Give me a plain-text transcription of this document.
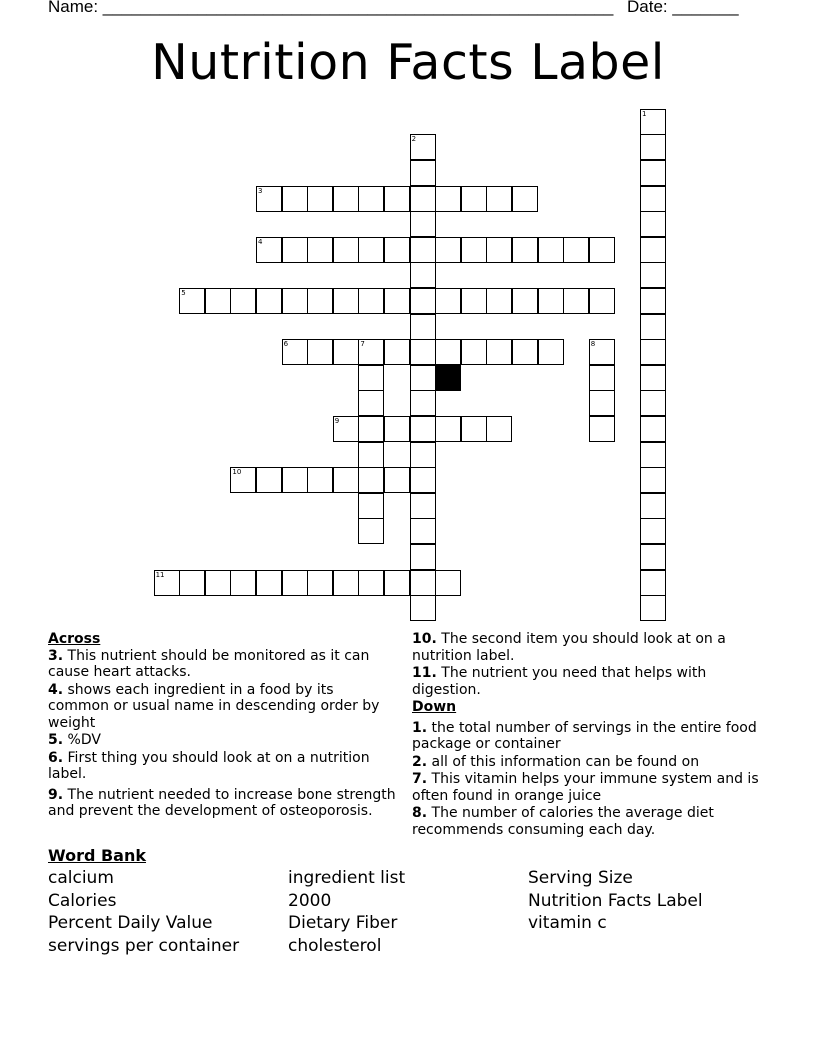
Name: ______________________________________________________ Date: _______
Nutrition Facts Label
1
2
3
4
5
6	7	8
9
10
11
Across
3. This nutrient should be monitored as it can cause heart attacks.
4. shows each ingredient in a food by its common or usual name in descending order by weight
5. %DV
6. First thing you should look at on a nutrition label.
9. The nutrient needed to increase bone strength and prevent the development of osteoporosis.
10. The second item you should look at on a nutrition label.
11. The nutrient you need that helps with digestion.
Down
1. the total number of servings in the entire food package or container
2. all of this information can be found on
7. This vitamin helps your immune system and is often found in orange juice
8. The number of calories the average diet recommends consuming each day.
Word Bank
calcium
Calories
Percent Daily Value
servings per container
ingredient list
2000
Dietary Fiber
cholesterol
Serving Size
Nutrition Facts Label
vitamin c
